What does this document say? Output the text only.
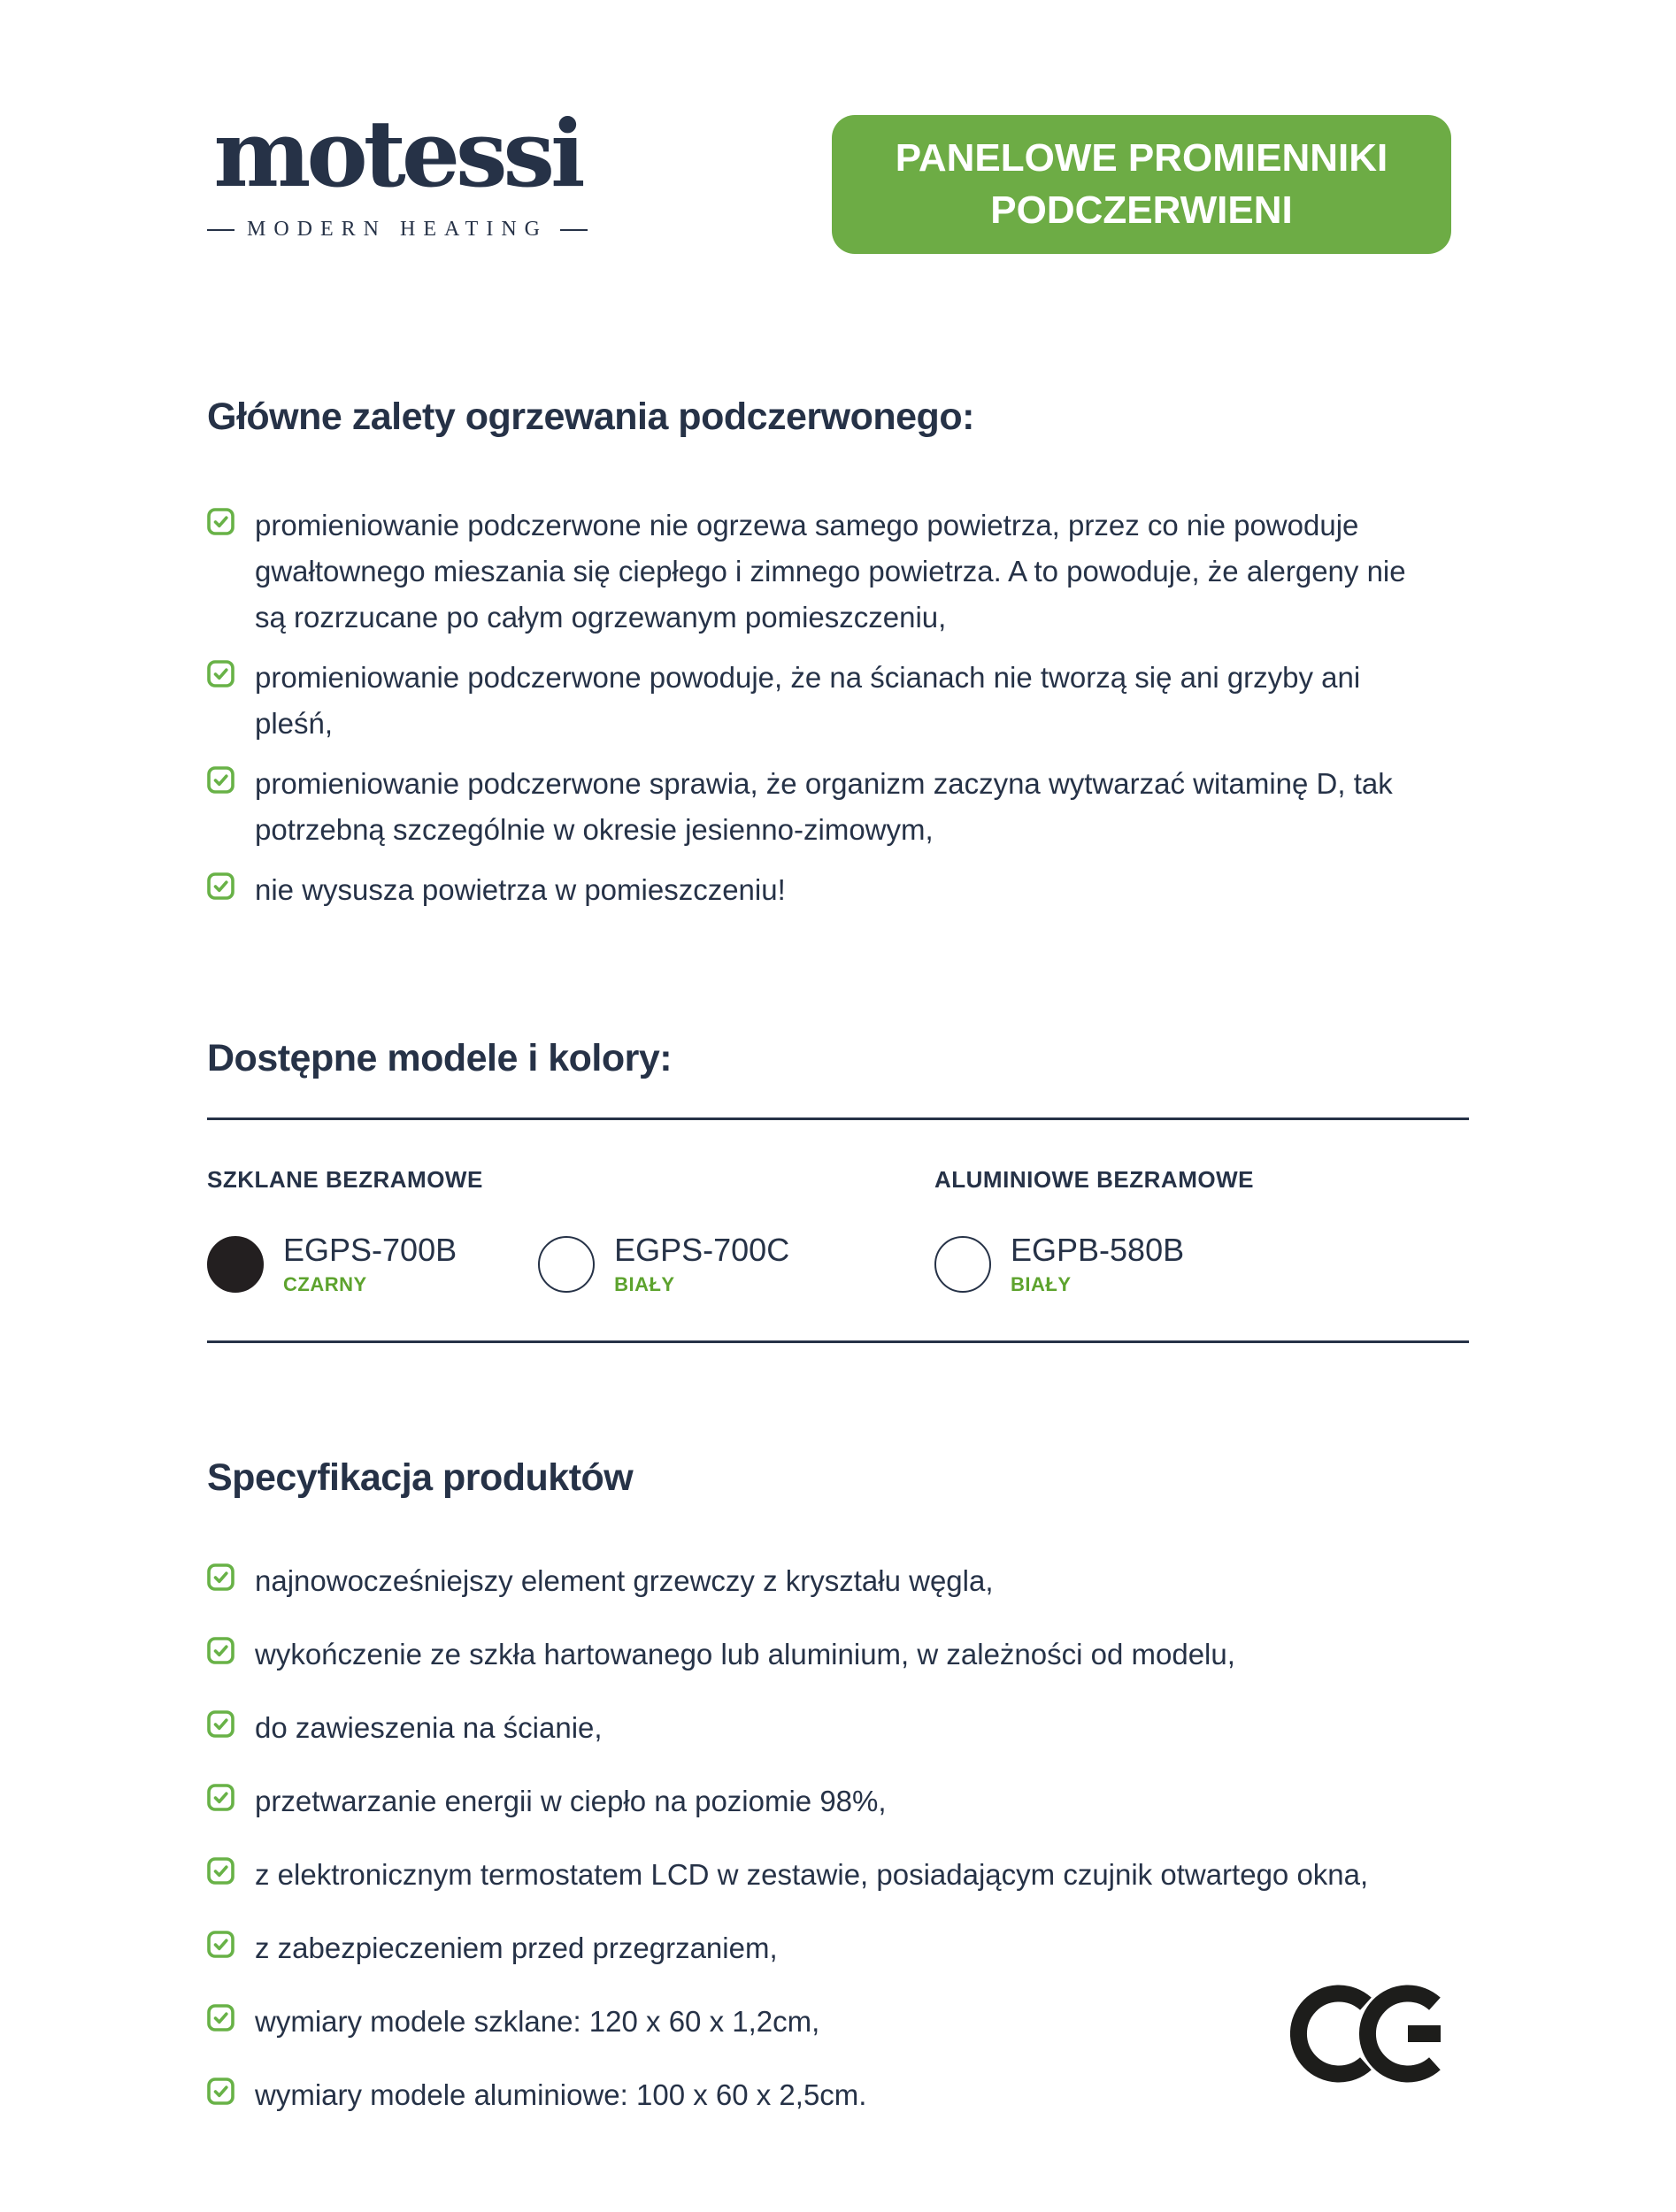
motessi
MODERN HEATING
PANELOWE PROMIENNIKI
PODCZERWIENI
Główne zalety ogrzewania podczerwonego:
promieniowanie podczerwone nie ogrzewa samego powietrza, przez co nie powoduje gwałtownego mieszania się ciepłego i zimnego powietrza. A to powoduje, że alergeny nie są rozrzucane po całym ogrzewanym pomieszczeniu,
promieniowanie podczerwone powoduje, że na ścianach nie tworzą się ani grzyby ani pleśń,
promieniowanie podczerwone sprawia, że organizm zaczyna wytwarzać witaminę D, tak potrzebną szczególnie w okresie jesienno-zimowym,
nie wysusza powietrza w pomieszczeniu!
Dostępne modele i kolory:
SZKLANE BEZRAMOWE
EGPS-700B
CZARNY
EGPS-700C
BIAŁY
ALUMINIOWE BEZRAMOWE
EGPB-580B
BIAŁY
Specyfikacja produktów
najnowocześniejszy element grzewczy z kryształu węgla,
wykończenie ze szkła hartowanego lub aluminium, w zależności od modelu,
do zawieszenia na ścianie,
przetwarzanie energii w ciepło na poziomie 98%,
z elektronicznym termostatem LCD w zestawie, posiadającym czujnik otwartego okna,
z zabezpieczeniem przed przegrzaniem,
wymiary modele szklane: 120 x 60 x 1,2cm,
wymiary modele aluminiowe: 100 x 60 x 2,5cm.
